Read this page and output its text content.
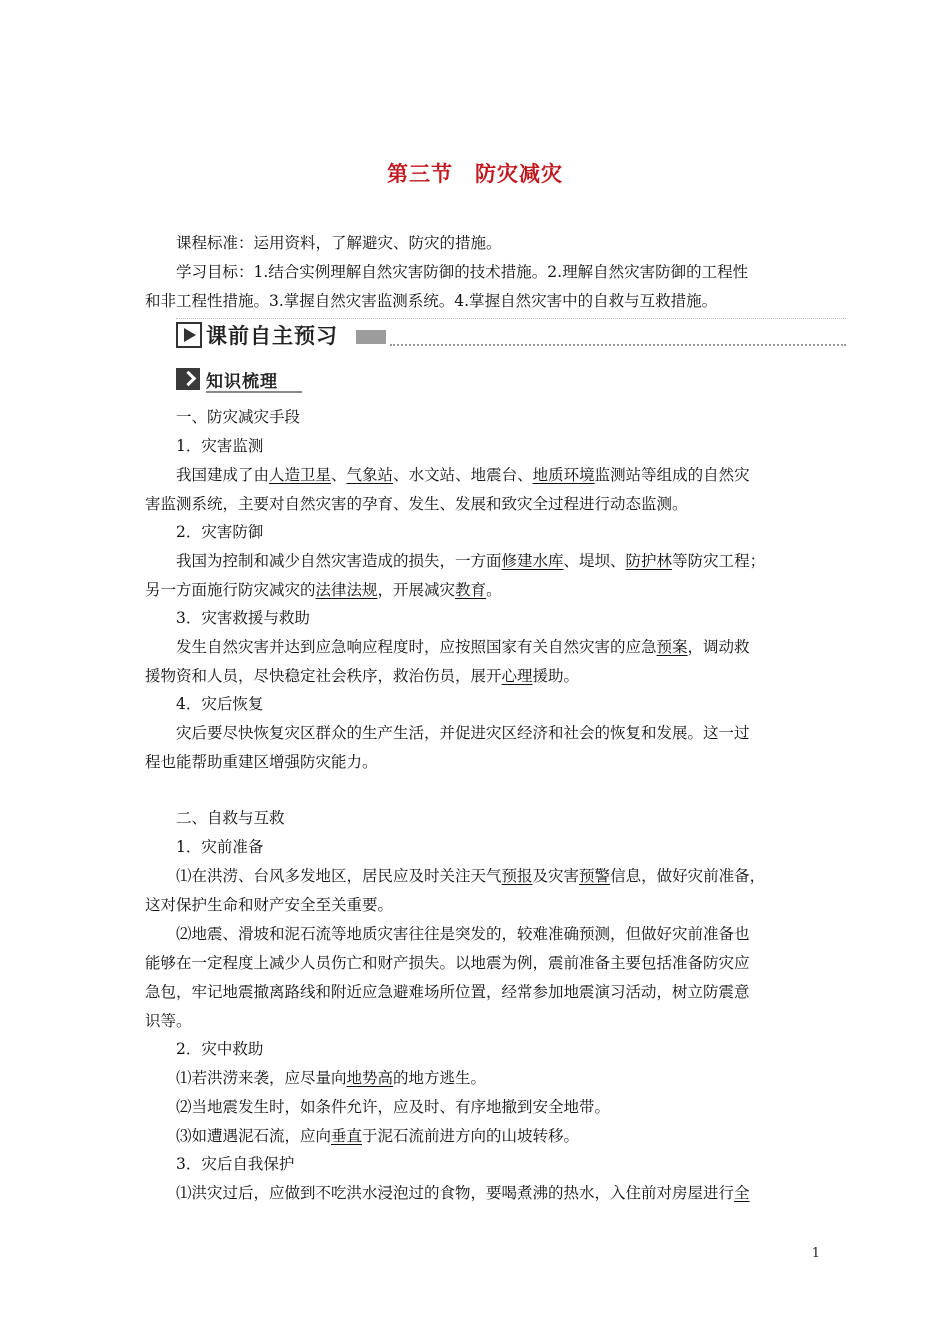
第三节　防灾减灾
课程标准：运用资料，了解避灾、防灾的措施。
学习目标：1.结合实例理解自然灾害防御的技术措施。2.理解自然灾害防御的工程性
和非工程性措施。3.掌握自然灾害监测系统。4.掌握自然灾害中的自救与互救措施。
课前自主预习
知识梳理
一、防灾减灾手段
1．灾害监测
我国建成了由人造卫星、气象站、水文站、地震台、地质环境监测站等组成的自然灾
害监测系统，主要对自然灾害的孕育、发生、发展和致灾全过程进行动态监测。
2．灾害防御
我国为控制和减少自然灾害造成的损失，一方面修建水库、堤坝、防护林等防灾工程；
另一方面施行防灾减灾的法律法规，开展减灾教育。
3．灾害救援与救助
发生自然灾害并达到应急响应程度时，应按照国家有关自然灾害的应急预案，调动救
援物资和人员，尽快稳定社会秩序，救治伤员，展开心理援助。
4．灾后恢复
灾后要尽快恢复灾区群众的生产生活，并促进灾区经济和社会的恢复和发展。这一过
程也能帮助重建区增强防灾能力。
二、自救与互救
1．灾前准备
⑴在洪涝、台风多发地区，居民应及时关注天气预报及灾害预警信息，做好灾前准备，
这对保护生命和财产安全至关重要。
⑵地震、滑坡和泥石流等地质灾害往往是突发的，较难准确预测，但做好灾前准备也
能够在一定程度上减少人员伤亡和财产损失。以地震为例，震前准备主要包括准备防灾应
急包，牢记地震撤离路线和附近应急避难场所位置，经常参加地震演习活动，树立防震意
识等。
2．灾中救助
⑴若洪涝来袭，应尽量向地势高的地方逃生。
⑵当地震发生时，如条件允许，应及时、有序地撤到安全地带。
⑶如遭遇泥石流，应向垂直于泥石流前进方向的山坡转移。
3．灾后自我保护
⑴洪灾过后，应做到不吃洪水浸泡过的食物，要喝煮沸的热水，入住前对房屋进行全
1
